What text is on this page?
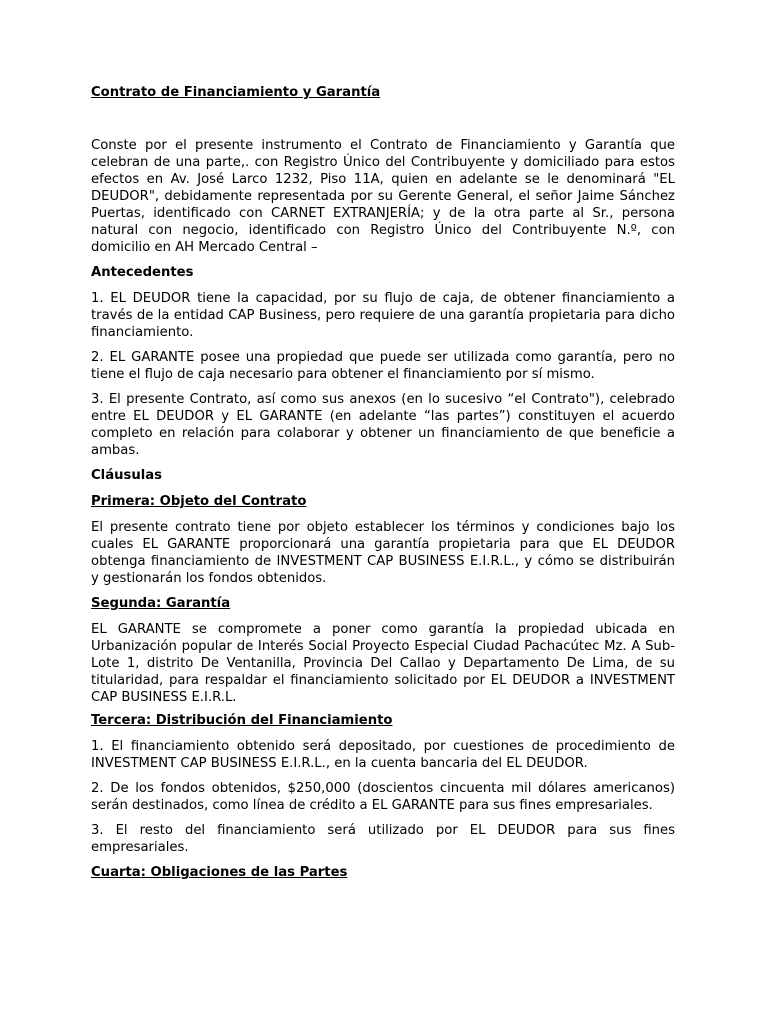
Contrato de Financiamiento y Garantía

Conste por el presente instrumento el Contrato de Financiamiento y Garantía que celebran de una parte,. con Registro Único del Contribuyente y domiciliado para estos efectos en Av. José Larco 1232, Piso 11A, quien en adelante se le denominará "EL DEUDOR", debidamente representada por su Gerente General, el señor Jaime Sánchez Puertas, identificado con CARNET EXTRANJERÍA; y de la otra parte al Sr., persona natural con negocio, identificado con Registro Único del Contribuyente N.º, con domicilio en AH Mercado Central –

Antecedentes

1. EL DEUDOR tiene la capacidad, por su flujo de caja, de obtener financiamiento a través de la entidad CAP Business, pero requiere de una garantía propietaria para dicho financiamiento.

2. EL GARANTE posee una propiedad que puede ser utilizada como garantía, pero no tiene el flujo de caja necesario para obtener el financiamiento por sí mismo.

3. El presente Contrato, así como sus anexos (en lo sucesivo “el Contrato"), celebrado entre EL DEUDOR y EL GARANTE (en adelante “las partes”) constituyen el acuerdo completo en relación para colaborar y obtener un financiamiento de que beneficie a ambas.

Cláusulas
Primera: Objeto del Contrato

El presente contrato tiene por objeto establecer los términos y condiciones bajo los cuales EL GARANTE proporcionará una garantía propietaria para que EL DEUDOR obtenga financiamiento de INVESTMENT CAP BUSINESS E.I.R.L., y cómo se distribuirán y gestionarán los fondos obtenidos.

Segunda: Garantía

EL GARANTE se compromete a poner como garantía la propiedad ubicada en Urbanización popular de Interés Social Proyecto Especial Ciudad Pachacútec Mz. A Sub-Lote 1, distrito De Ventanilla, Provincia Del Callao y Departamento De Lima, de su titularidad, para respaldar el financiamiento solicitado por EL DEUDOR a INVESTMENT CAP BUSINESS E.I.R.L.

Tercera: Distribución del Financiamiento

1. El financiamiento obtenido será depositado, por cuestiones de procedimiento de INVESTMENT CAP BUSINESS E.I.R.L., en la cuenta bancaria del EL DEUDOR.

2. De los fondos obtenidos, $250,000 (doscientos cincuenta mil dólares americanos) serán destinados, como línea de crédito a EL GARANTE para sus fines empresariales.

3. El resto del financiamiento será utilizado por EL DEUDOR para sus fines empresariales.

Cuarta: Obligaciones de las Partes
